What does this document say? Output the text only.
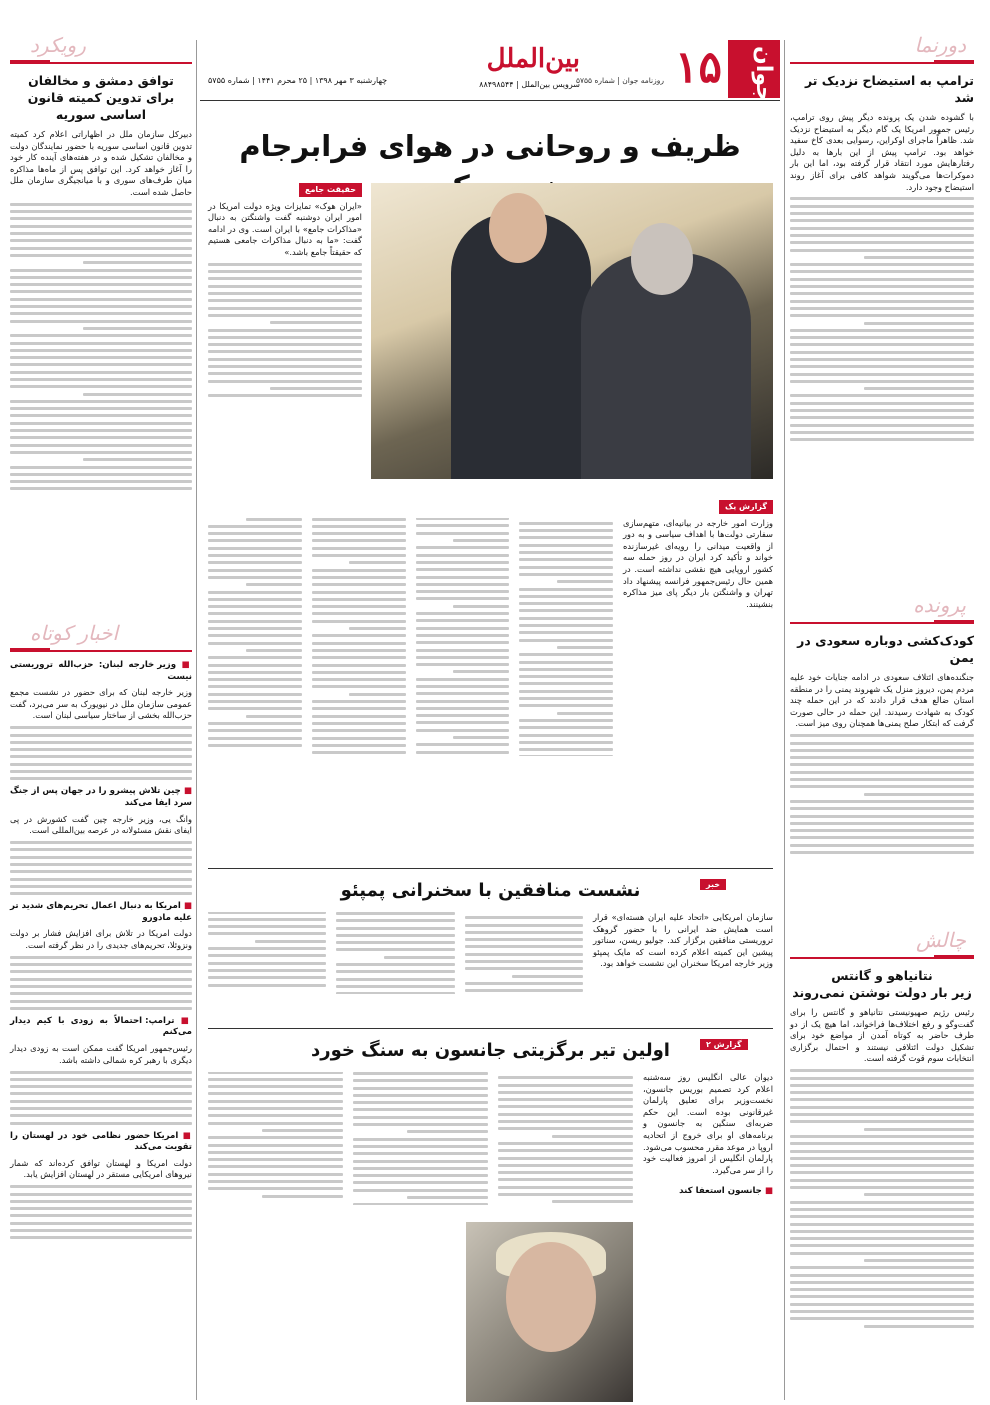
دورنما
ترامپ به استیضاح نزدیک تر شد

با گشوده شدن یک پرونده دیگر پیش روی ترامپ، رئیس جمهور امریکا یک گام دیگر به استیضاح نزدیک شد. ظاهراً ماجرای اوکراین، رسوایی بعدی کاخ سفید خواهد بود. ترامپ پیش از این بارها به دلیل رفتارهایش مورد انتقاد قرار گرفته بود، اما این بار دموکرات‌ها می‌گویند شواهد کافی برای آغاز روند استیضاح وجود دارد.

پرونده
کودک‌کشی دوباره سعودی در یمن

جنگنده‌های ائتلاف سعودی در ادامه جنایات خود علیه مردم یمن، دیروز منزل یک شهروند یمنی را در منطقه استان ضالع هدف قرار دادند که در این حمله چند کودک به شهادت رسیدند. این حمله در حالی صورت گرفت که ابتکار صلح یمنی‌ها همچنان روی میز است.

چالش
نتانیاهو و گانتس
زیر بار دولت نوشتن نمی‌روند

رئیس رژیم صهیونیستی نتانیاهو و گانتس را برای گفت‌وگو و رفع اختلاف‌ها فراخواند، اما هیچ یک از دو طرف حاضر به کوتاه آمدن از مواضع خود برای تشکیل دولت ائتلافی نیستند و احتمال برگزاری انتخابات سوم قوت گرفته است.

رویکرد
توافق دمشق و مخالفان
برای تدوین کمیته قانون اساسی سوریه

دبیرکل سازمان ملل در اظهاراتی اعلام کرد کمیته تدوین قانون اساسی سوریه با حضور نمایندگان دولت و مخالفان تشکیل شده و در هفته‌های آینده کار خود را آغاز خواهد کرد. این توافق پس از ماه‌ها مذاکره میان طرف‌های سوری و با میانجیگری سازمان ملل حاصل شده است.

اخبار کوتاه
■ وزیر خارجه لبنان: حزب‌الله تروریستی نیست

وزیر خارجه لبنان که برای حضور در نشست مجمع عمومی سازمان ملل در نیویورک به سر می‌برد، گفت حزب‌الله بخشی از ساختار سیاسی لبنان است.

■ چین تلاش پیشرو را در جهان پس از جنگ سرد ایفا می‌کند

وانگ یی، وزیر خارجه چین گفت کشورش در پی ایفای نقش مسئولانه در عرصه بین‌المللی است.

■ امریکا به دنبال اعمال تحریم‌های شدید تر علیه مادورو

دولت امریکا در تلاش برای افزایش فشار بر دولت ونزوئلا، تحریم‌های جدیدی را در نظر گرفته است.

■ ترامپ: احتمالاً به زودی با کیم دیدار می‌کنم

رئیس‌جمهور امریکا گفت ممکن است به زودی دیدار دیگری با رهبر کره شمالی داشته باشد.

■ امریکا حضور نظامی خود در لهستان را تقویت می‌کند

دولت امریکا و لهستان توافق کرده‌اند که شمار نیروهای امریکایی مستقر در لهستان افزایش یابد.

جوان
۱۵
بین‌الملل
سرویس بین‌الملل | ۸۸۴۹۸۵۴۴	روزنامه جوان | شماره ۵۷۵۵
چهارشنبه ۳ مهر ۱۳۹۸ | ۲۵ محرم ۱۴۴۱ | شماره ۵۷۵۵
ظریف و روحانی در هوای فرابرجام
حقیقت جامع

«ایران هوک» تمایزات ویژه دولت امریکا در امور ایران دوشنبه گفت واشنگتن به دنبال «مذاکرات جامع» با ایران است. وی در ادامه گفت: «ما به دنبال مذاکرات جامعی هستیم که حقیقتاً جامع باشد.»

گزارش یک

وزارت امور خارجه در بیانیه‌ای، متهم‌سازی سفارتی دولت‌ها با اهداف سیاسی و به دور از واقعیت میدانی را رویه‌ای غیرسازنده خواند و تأکید کرد ایران در روز حمله سه کشور اروپایی هیچ نقشی نداشته است. در همین حال رئیس‌جمهور فرانسه پیشنهاد داد تهران و واشنگتن بار دیگر پای میز مذاکره بنشینند.

خبر
نشست منافقین با سخنرانی پمپئو

سازمان امریکایی «اتحاد علیه ایران هسته‌ای» قرار است همایش ضد ایرانی را با حضور گروهک تروریستی منافقین برگزار کند. جولیو ریسن، سناتور پیشین این کمیته اعلام کرده است که مایک پمپئو وزیر خارجه امریکا سخنران این نشست خواهد بود.

گزارش ۲
اولین تیر برگزیتی جانسون به سنگ خورد

دیوان عالی انگلیس روز سه‌شنبه اعلام کرد تصمیم بوریس جانسون، نخست‌وزیر برای تعلیق پارلمان غیرقانونی بوده است. این حکم ضربه‌ای سنگین به جانسون و برنامه‌های او برای خروج از اتحادیه اروپا در موعد مقرر محسوب می‌شود. پارلمان انگلیس از امروز فعالیت خود را از سر می‌گیرد.

■ جانسون استعفا کند
